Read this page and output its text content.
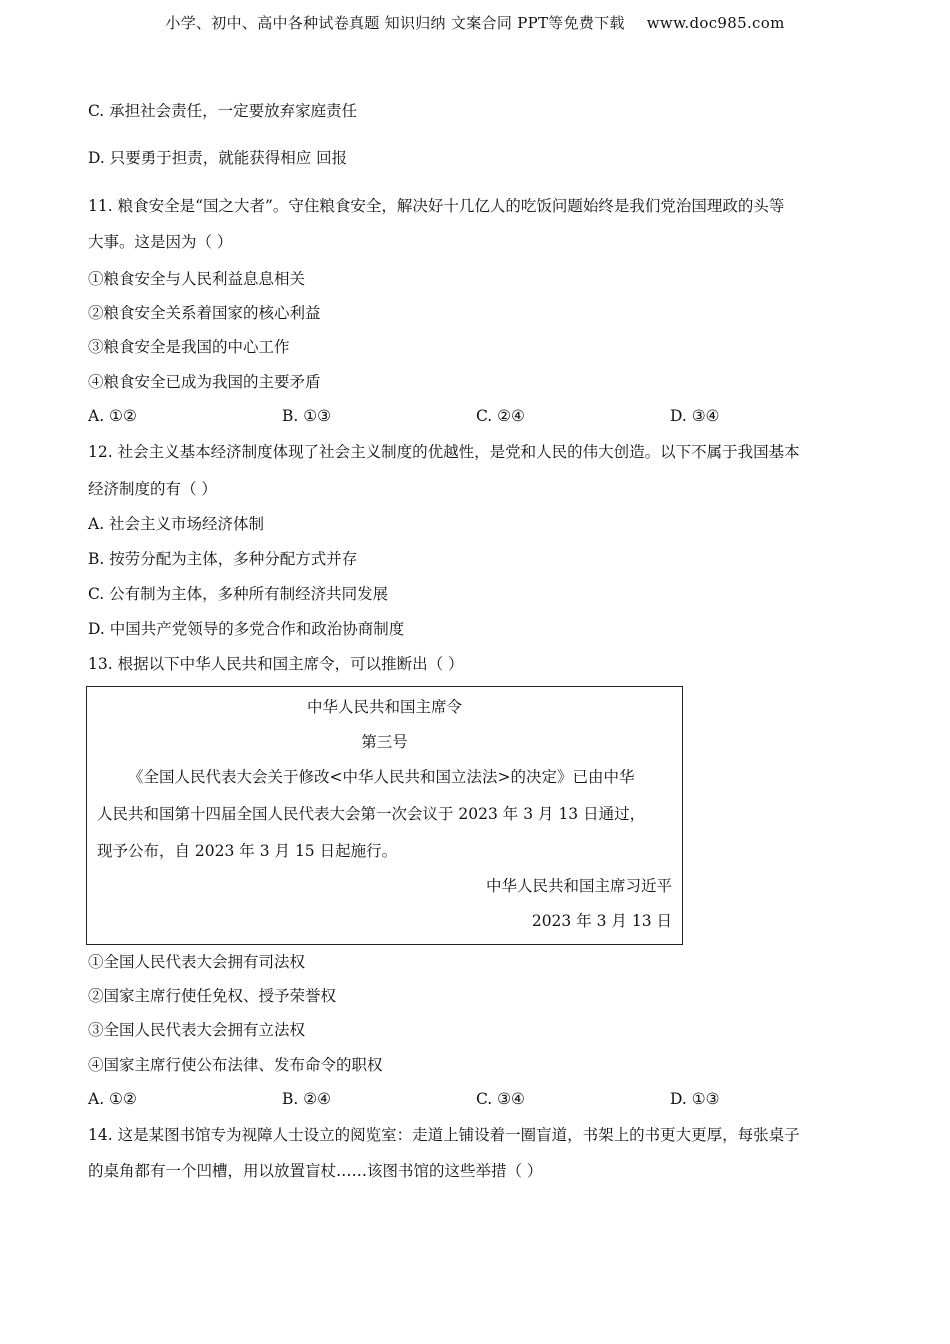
小学、初中、高中各种试卷真题 知识归纳 文案合同 PPT等免费下载 www.doc985.com
C. 承担社会责任，一定要放弃家庭责任
D. 只要勇于担责，就能获得相应 回报
11. 粮食安全是“国之大者”。守住粮食安全，解决好十几亿人的吃饭问题始终是我们党治国理政的头等
大事。这是因为（ ）
①粮食安全与人民利益息息相关
②粮食安全关系着国家的核心利益
③粮食安全是我国的中心工作
④粮食安全已成为我国的主要矛盾
A. ①②	B. ①③	C. ②④	D. ③④
12. 社会主义基本经济制度体现了社会主义制度的优越性，是党和人民的伟大创造。以下不属于我国基本
经济制度的有（ ）
A. 社会主义市场经济体制
B. 按劳分配为主体，多种分配方式并存
C. 公有制为主体，多种所有制经济共同发展
D. 中国共产党领导的多党合作和政治协商制度
13. 根据以下中华人民共和国主席令，可以推断出（ ）
中华人民共和国主席令
第三号
《全国人民代表大会关于修改<中华人民共和国立法法>的决定》已由中华
人民共和国第十四届全国人民代表大会第一次会议于 2023 年 3 月 13 日通过，
现予公布，自 2023 年 3 月 15 日起施行。
中华人民共和国主席习近平
2023 年 3 月 13 日
①全国人民代表大会拥有司法权
②国家主席行使任免权、授予荣誉权
③全国人民代表大会拥有立法权
④国家主席行使公布法律、发布命令的职权
A. ①②	B. ②④	C. ③④	D. ①③
14. 这是某图书馆专为视障人士设立的阅览室：走道上铺设着一圈盲道，书架上的书更大更厚，每张桌子
的桌角都有一个凹槽，用以放置盲杖……该图书馆的这些举措（ ）
